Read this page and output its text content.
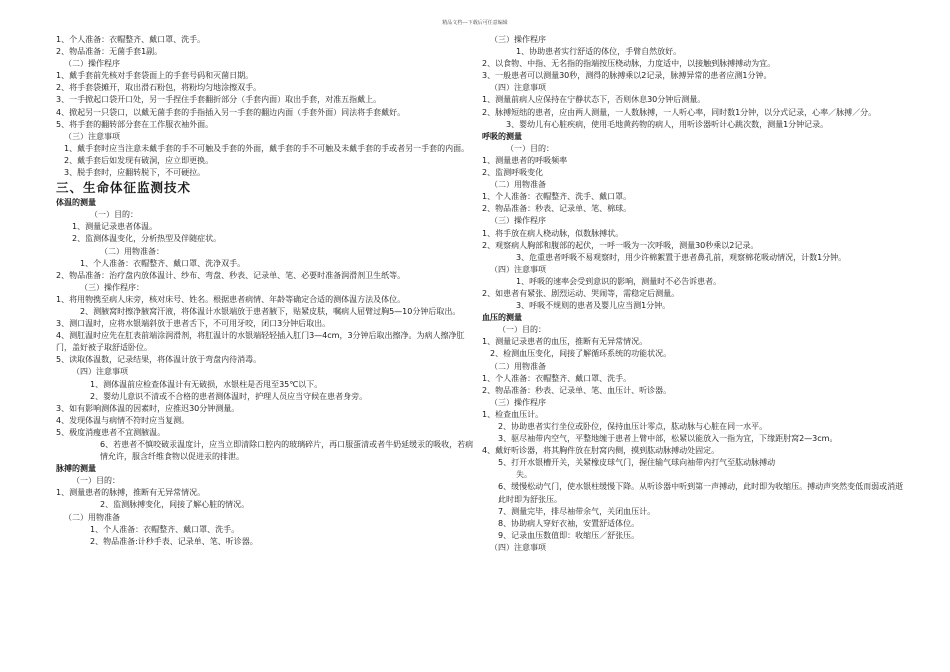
精品文档---下载后可任意编辑
1、个人准备：衣帽整齐、戴口罩、洗手。
2、物品准备：无菌手套1副。
（二）操作程序
1、戴手套前先核对手套袋面上的手套号码和灭菌日期。
2、将手套袋摊开，取出滑石粉包，将粉均匀地涂擦双手。
3、一手掀起口袋开口处，另一手捏住手套翻折部分（手套内面）取出手套，对准五指戴上。
4、掀起另一只袋口，以戴无菌手套的手指插入另一手套的翻边内面（手套外面）同法将手套戴好。
5、将手套的翻转部分套在工作服衣袖外面。
（三）注意事项
1、戴手套时应当注意未戴手套的手不可触及手套的外面，戴手套的手不可触及未戴手套的手或者另一手套的内面。
2、戴手套后如发现有破洞，应立即更换。
3、脱手套时，应翻转脱下，不可硬拉。
三、生命体征监测技术
体温的测量
（一）目的：
1、测量记录患者体温。
2、监测体温变化，分析热型及伴随症状。
（二）用物准备：
1、个人准备：衣帽整齐、戴口罩、洗净双手。
2、物品准备：治疗盘内放体温计、纱布、弯盘、秒表、记录单、笔、必要时准备润滑剂卫生纸等。
（三）操作程序：
1、将用物携至病人床旁，核对床号、姓名。根据患者病情、年龄等确定合适的测体温方法及体位。
2、测腋窝时擦净腋窝汗液，将体温计水银端放于患者腋下，贴紧皮肤，嘱病人屈臂过胸5—10分钟后取出。
3、测口温时，应将水银端斜放于患者舌下，不可用牙咬，闭口3分钟后取出。
4、测肛温时应先在肛表前端涂润滑剂，将肛温计的水银端轻轻插入肛门3—4cm，3分钟后取出擦净。为病人擦净肛门，盖好被子取舒适卧位。
5、读取体温数，记录结果，将体温计放于弯盘内待消毒。
（四）注意事项
1、测体温前应检查体温计有无破损，水银柱是否甩至35℃以下。
2、婴幼儿意识不清或不合格的患者测体温时，护理人员应当守候在患者身旁。
3、如有影响测体温的因素时，应推迟30分钟测量。
4、发现体温与病情不符时应当复测。
5、极度消瘦患者不宜测腋温。
6、若患者不慎咬破汞温度计，应当立即清除口腔内的玻璃碎片，再口服蛋清或者牛奶延缓汞的吸收，若病情允许，服含纤维食物以促进汞的排泄。
脉搏的测量
（一）目的：
1、测量患者的脉搏，推断有无异常情况。
2、监测脉搏变化，间接了解心脏的情况。
（二）用物准备
1、个人准备：衣帽整齐、戴口罩、洗手。
2、物品准备:计秒手表、记录单、笔、听诊器。
（三）操作程序
1、协助患者实行舒适的体位，手臂自然放好。
2、以食物、中指、无名指的指端按压桡动脉，力度适中，以接触到脉搏搏动为宜。
3、一般患者可以测量30秒，测得的脉搏乘以2记录，脉搏异常的患者应测1分钟。
（四）注意事项
1、测量前病人应保持在宁静状态下，否则休息30分钟后测量。
2、脉搏短绌的患者，应由两人测量，一人数脉搏，一人听心率，同时数1分钟，以分式记录，心率／脉搏／分。
3、婴幼儿有心脏疾病，使用毛地黄药物的病人，用听诊器听计心跳次数，测量1分钟记录。
呼吸的测量
（一）目的：
1、测量患者的呼吸频率
2、监测呼吸变化
（二）用物准备
1、个人准备：衣帽整齐、洗手、戴口罩。
2、物品准备：秒表、记录单、笔、棉球。
（三）操作程序
1、将手放在病人桡动脉，似数脉搏状。
2、观察病人胸部和腹部的起伏，一呼一吸为一次呼吸，测量30秒乘以2记录。
3、危重患者呼吸不易观察时，用少许棉絮置于患者鼻孔前，观察棉花吸动情况，计数1分钟。
（四）注意事项
1、呼吸的速率会受到意识的影响，测量时不必告诉患者。
2、如患者有紧张、剧烈运动、哭闹等，需稳定后测量。
3、呼吸不规则的患者及婴儿应当测1分钟。
血压的测量
（一）目的：
1、测量记录患者的血压，推断有无异常情况。
2、检测血压变化，间接了解循环系统的功能状况。
（二）用物准备
1、个人准备：衣帽整齐、戴口罩、洗手。
2、物品准备：秒表、记录单、笔、血压计、听诊器。
（三）操作程序
1、检查血压计。
2、协助患者实行坐位或卧位，保持血压计零点，肱动脉与心脏在同一水平。
3、驱尽袖带内空气，平整地缠于患者上臂中部，松紧以能放入一指为宜，下缘距肘窝2—3cm。
4、戴好听诊器，将其胸件放在肘窝内侧，摸到肱动脉搏动处固定。
5、打开水银槽开关，关紧橡皮球气门，握住输气球向袖带内打气至肱动脉搏动
失。
6、缓慢松动气门，使水银柱缓慢下降。从听诊器中听到第一声搏动，此时即为收缩压。搏动声突然变低而弱或消逝此时即为舒张压。
7、测量完毕，排尽袖带余气，关闭血压计。
8、协助病人穿好衣袖，安置舒适体位。
9、记录血压数值即：收缩压／舒张压。
（四）注意事项
